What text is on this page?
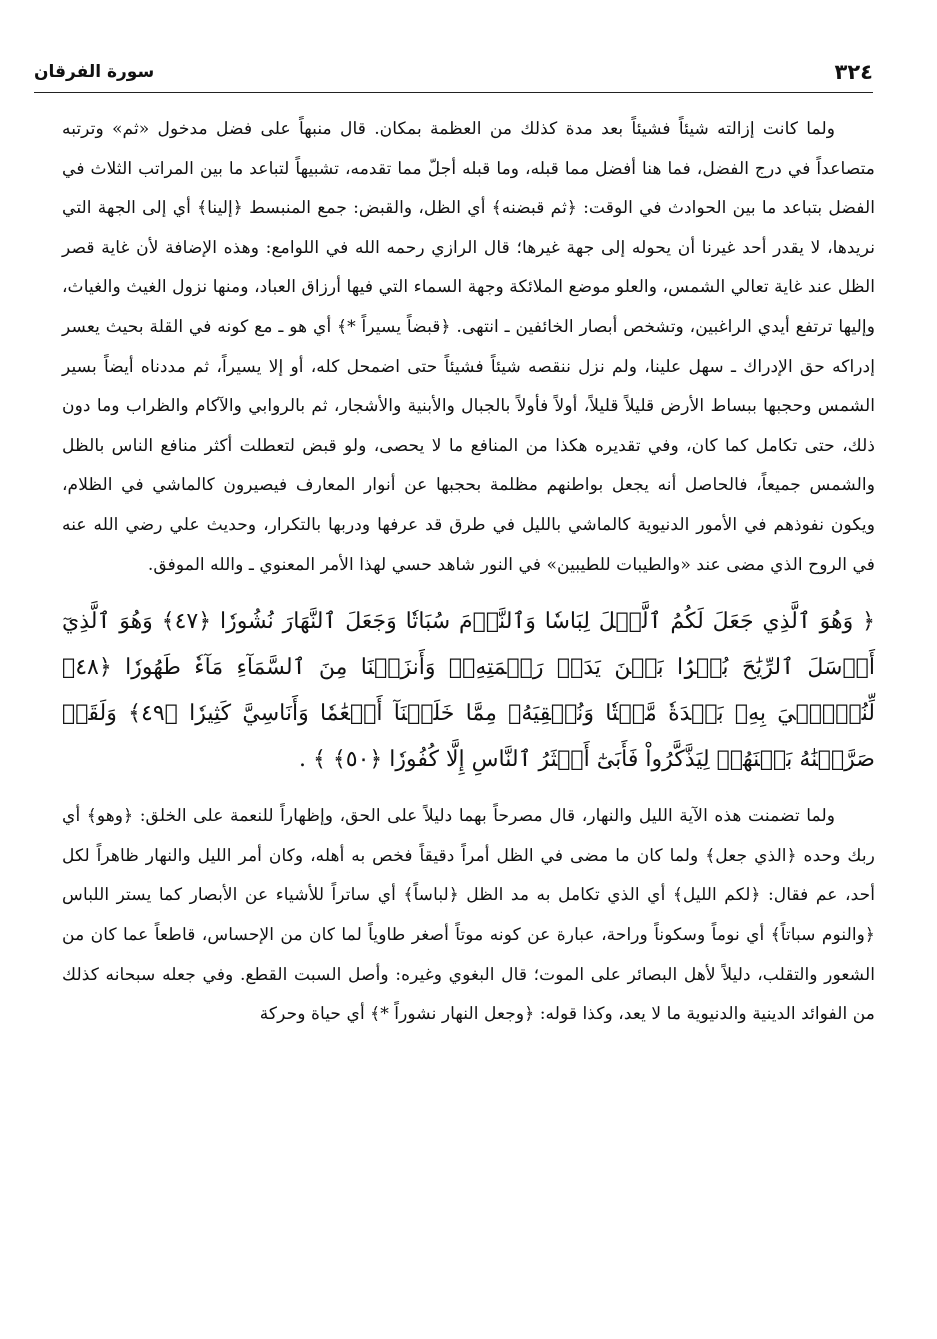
سورة الفرقان	٣٢٤

ولما كانت إزالته شيئاً فشيئاً بعد مدة كذلك من العظمة بمكان. قال منبهاً على فضل مدخول «ثم» وترتبه متصاعداً في درج الفضل، فما هنا أفضل مما قبله، وما قبله أجلّ مما تقدمه، تشبيهاً لتباعد ما بين المراتب الثلاث في الفضل بتباعد ما بين الحوادث في الوقت: ﴿ثم قبضنه﴾ أي الظل، والقبض: جمع المنبسط ﴿إلينا﴾ أي إلى الجهة التي نريدها، لا يقدر أحد غيرنا أن يحوله إلى جهة غيرها؛ قال الرازي رحمه الله في اللوامع: وهذه الإضافة لأن غاية قصر الظل عند غاية تعالي الشمس، والعلو موضع الملائكة وجهة السماء التي فيها أرزاق العباد، ومنها نزول الغيث والغياث، وإليها ترتفع أيدي الراغبين، وتشخص أبصار الخائفين ـ انتهى. ﴿قبضاً يسيراً *﴾ أي هو ـ مع كونه في القلة بحيث يعسر إدراكه حق الإدراك ـ سهل علينا، ولم نزل ننقصه شيئاً فشيئاً حتى اضمحل كله، أو إلا يسيراً، ثم مددناه أيضاً بسير الشمس وحجبها ببساط الأرض قليلاً قليلاً، أولاً فأولاً بالجبال والأبنية والأشجار، ثم بالروابي والآكام والظراب وما دون ذلك، حتى تكامل كما كان، وفي تقديره هكذا من المنافع ما لا يحصى، ولو قبض لتعطلت أكثر منافع الناس بالظل والشمس جميعاً، فالحاصل أنه يجعل بواطنهم مظلمة بحجبها عن أنوار المعارف فيصيرون كالماشي في الظلام، ويكون نفوذهم في الأمور الدنيوية كالماشي بالليل في طرق قد عرفها ودربها بالتكرار، وحديث علي رضي الله عنه في الروح الذي مضى عند «والطيبات للطيبين» في النور شاهد حسي لهذا الأمر المعنوي ـ والله الموفق.

﴿ وَهُوَ ٱلَّذِي جَعَلَ لَكُمُ ٱلَّيۡلَ لِبَاسٗا وَٱلنَّوۡمَ سُبَاتٗا وَجَعَلَ ٱلنَّهَارَ نُشُورٗا ﴿٤٧﴾ وَهُوَ ٱلَّذِيٓ أَرۡسَلَ ٱلرِّيَٰحَ بُشۡرَۢا بَيۡنَ يَدَيۡ رَحۡمَتِهِۦۚ وَأَنزَلۡنَا مِنَ ٱلسَّمَآءِ مَآءٗ طَهُورٗا ﴿٤٨﴾ لِّنُحۡـِۧيَ بِهِۦ بَلۡدَةٗ مَّيۡتٗا وَنُسۡقِيَهُۥ مِمَّا خَلَقۡنَآ أَنۡعَٰمٗا وَأَنَاسِيَّ كَثِيرٗا ﴿٤٩﴾ وَلَقَدۡ صَرَّفۡنَٰهُ بَيۡنَهُمۡ لِيَذَّكَّرُواْ فَأَبَىٰٓ أَكۡثَرُ ٱلنَّاسِ إِلَّا كُفُورٗا ﴿٥٠﴾ ﴾ .

ولما تضمنت هذه الآية الليل والنهار، قال مصرحاً بهما دليلاً على الحق، وإظهاراً للنعمة على الخلق: ﴿وهو﴾ أي ربك وحده ﴿الذي جعل﴾ ولما كان ما مضى في الظل أمراً دقيقاً فخص به أهله، وكان أمر الليل والنهار ظاهراً لكل أحد، عم فقال: ﴿لكم الليل﴾ أي الذي تكامل به مد الظل ﴿لباساً﴾ أي ساتراً للأشياء عن الأبصار كما يستر اللباس ﴿والنوم سباتاً﴾ أي نوماً وسكوناً وراحة، عبارة عن كونه موتاً أصغر طاوياً لما كان من الإحساس، قاطعاً عما كان من الشعور والتقلب، دليلاً لأهل البصائر على الموت؛ قال البغوي وغيره: وأصل السبت القطع. وفي جعله سبحانه كذلك من الفوائد الدينية والدنيوية ما لا يعد، وكذا قوله: ﴿وجعل النهار نشوراً *﴾ أي حياة وحركة
